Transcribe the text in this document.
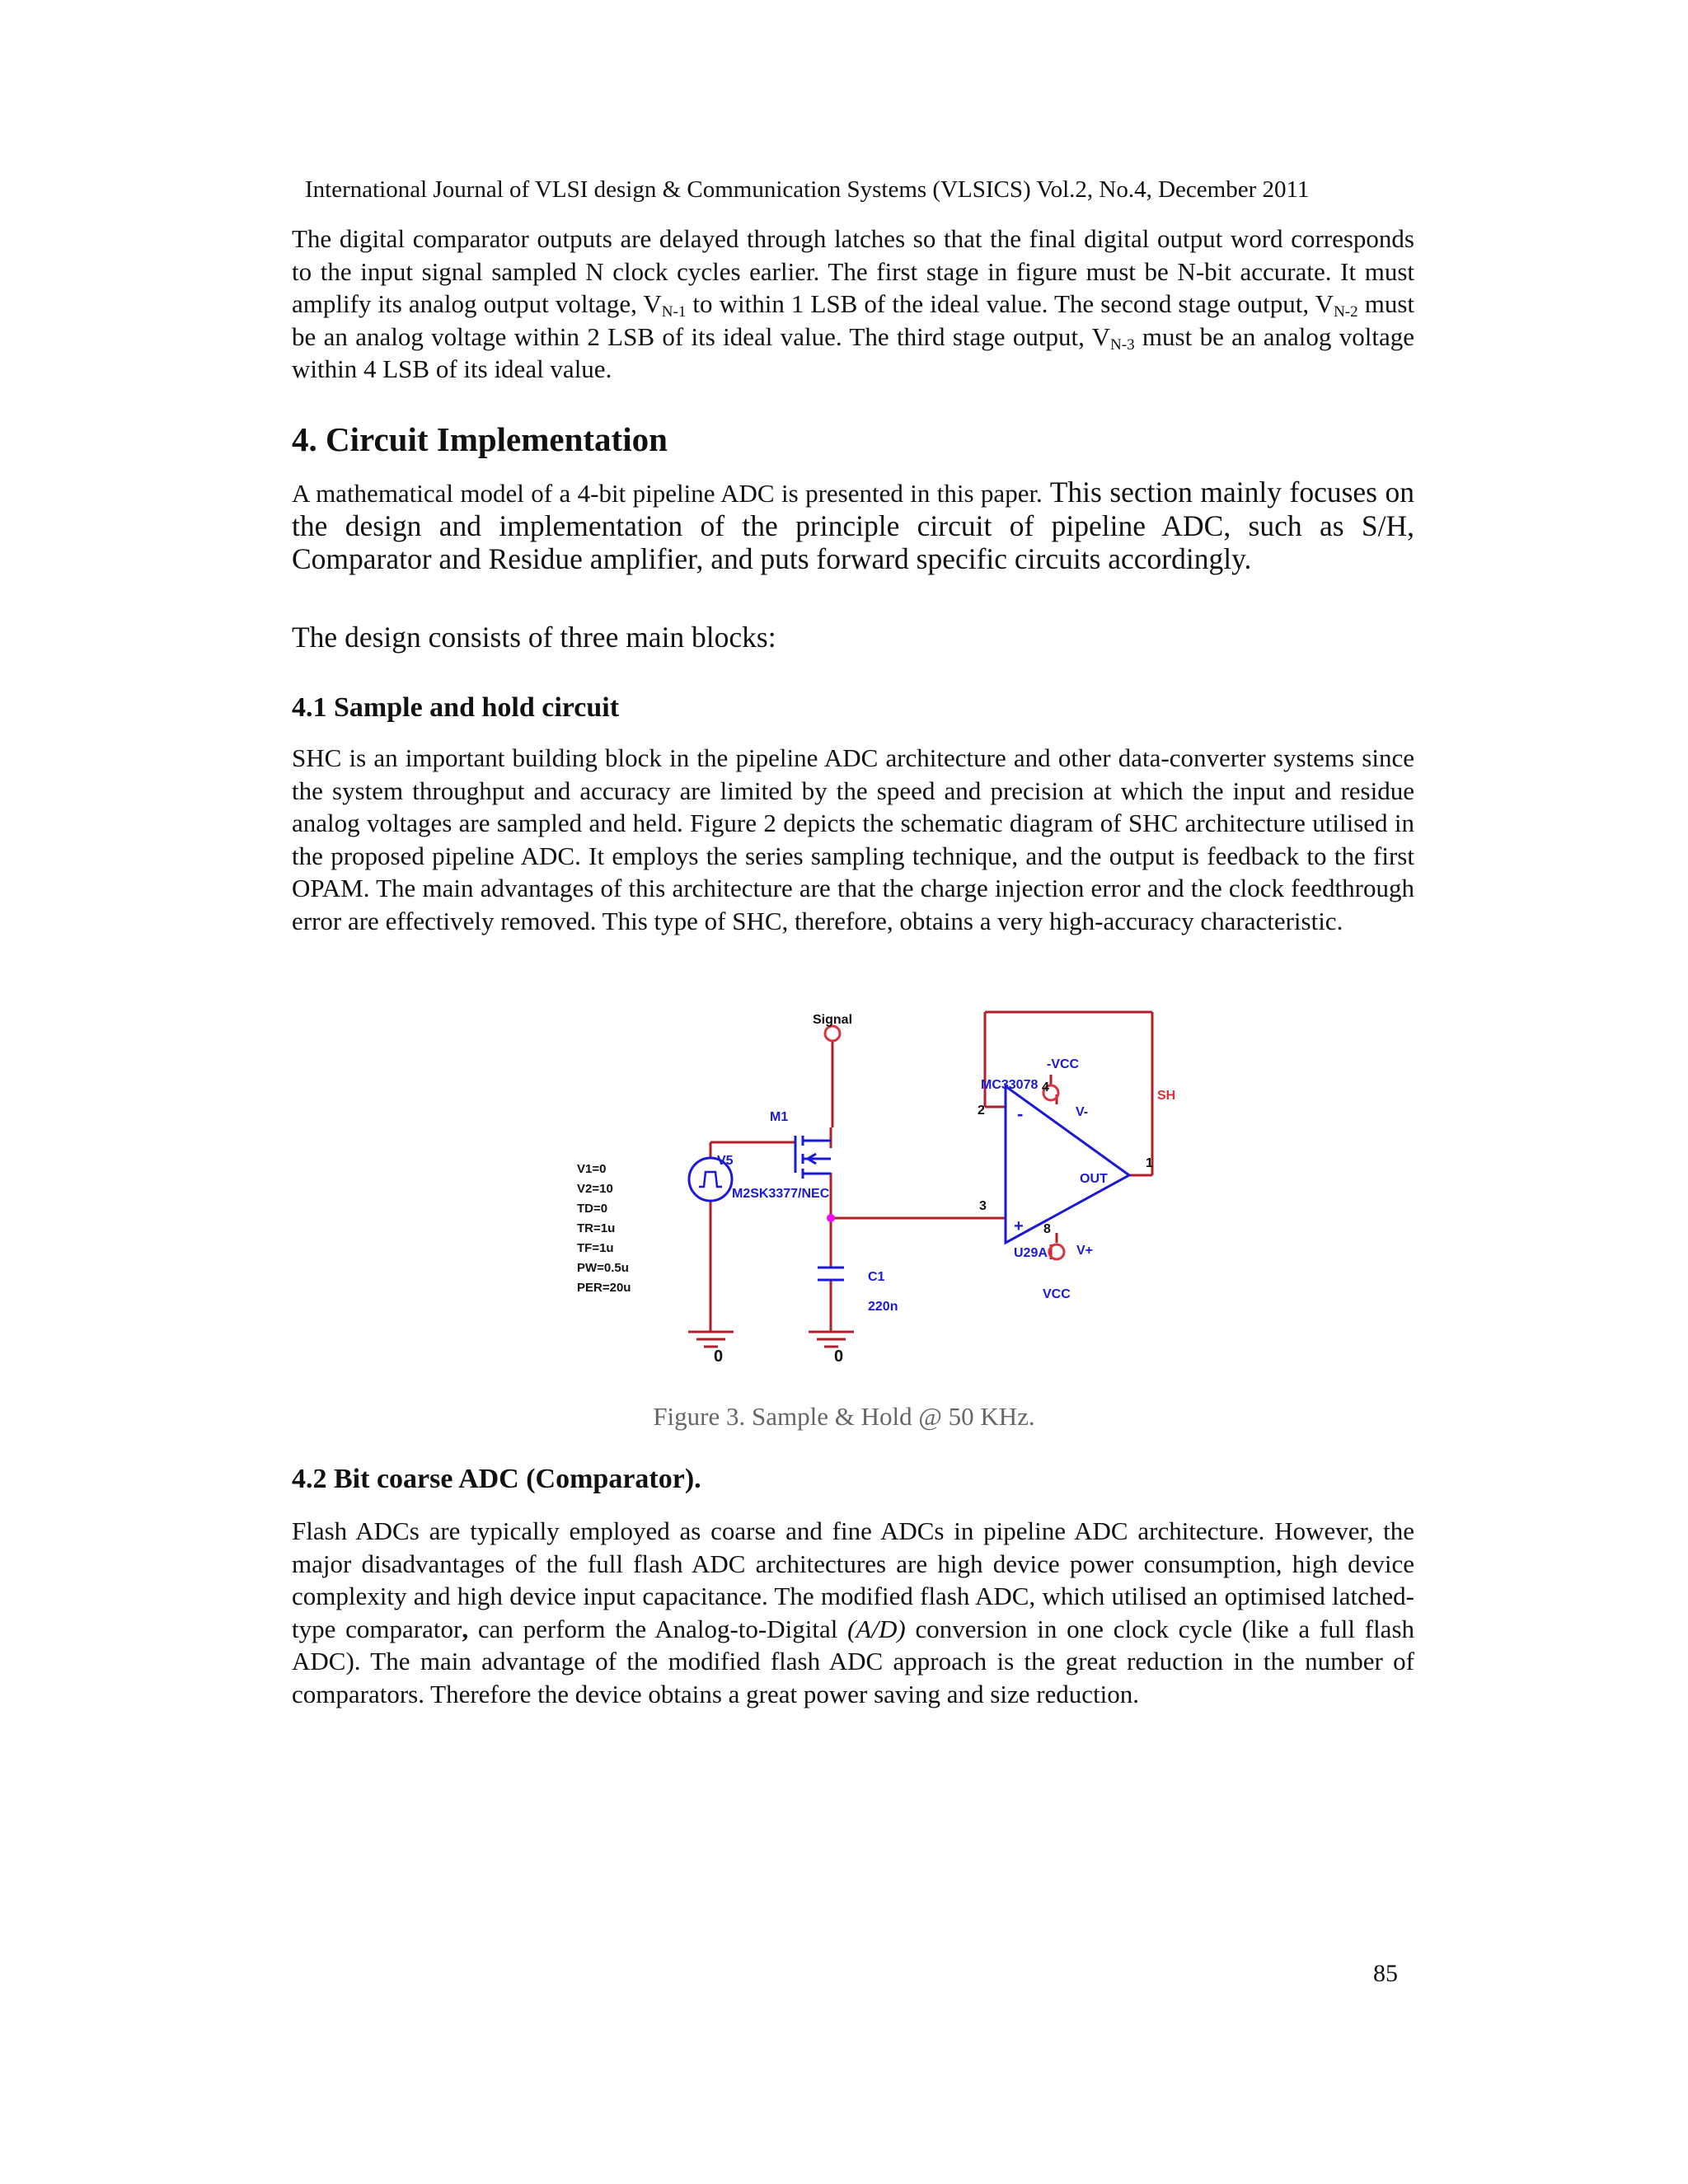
International Journal of VLSI design & Communication Systems (VLSICS) Vol.2, No.4, December 2011

The digital comparator outputs are delayed through latches so that the final digital output word corresponds to the input signal sampled N clock cycles earlier. The first stage in figure must be N-bit accurate. It must amplify its analog output voltage, $V_{N-1}$ to within 1 LSB of the ideal value. The second stage output, $V_{N-2}$ must be an analog voltage within 2 LSB of its ideal value. The third stage output, $V_{N-3}$ must be an analog voltage within 4 LSB of its ideal value.

4. Circuit Implementation

A mathematical model of a 4-bit pipeline ADC is presented in this paper. This section mainly focuses on the design and implementation of the principle circuit of pipeline ADC, such as S/H, Comparator and Residue amplifier, and puts forward specific circuits accordingly.

The design consists of three main blocks:

4.1 Sample and hold circuit

SHC is an important building block in the pipeline ADC architecture and other data-converter systems since the system throughput and accuracy are limited by the speed and precision at which the input and residue analog voltages are sampled and held. Figure 2 depicts the schematic diagram of SHC architecture utilised in the proposed pipeline ADC. It employs the series sampling technique, and the output is feedback to the first OPAM. The main advantages of this architecture are that the charge injection error and the clock feedthrough error are effectively removed. This type of SHC, therefore, obtains a very high-accuracy characteristic.

Signal
M1
V5
M2SK3377/NEC
C1
220n
-VCC
MC33078
VCC
OUT
U29A
V-
V+
-
+
4
2
3
8
1
0	0
SH
V1=0
V2=10
TD=0
TR=1u
TF=1u
PW=0.5u
PER=20u
Figure 3. Sample & Hold @ 50 KHz.
4.2 Bit coarse ADC (Comparator).

Flash ADCs are typically employed as coarse and fine ADCs in pipeline ADC architecture. However, the major disadvantages of the full flash ADC architectures are high device power consumption, high device complexity and high device input capacitance. The modified flash ADC, which utilised an optimised latched-type comparator, can perform the Analog-to-Digital (A/D) conversion in one clock cycle (like a full flash ADC). The main advantage of the modified flash ADC approach is the great reduction in the number of comparators. Therefore the device obtains a great power saving and size reduction.

85
